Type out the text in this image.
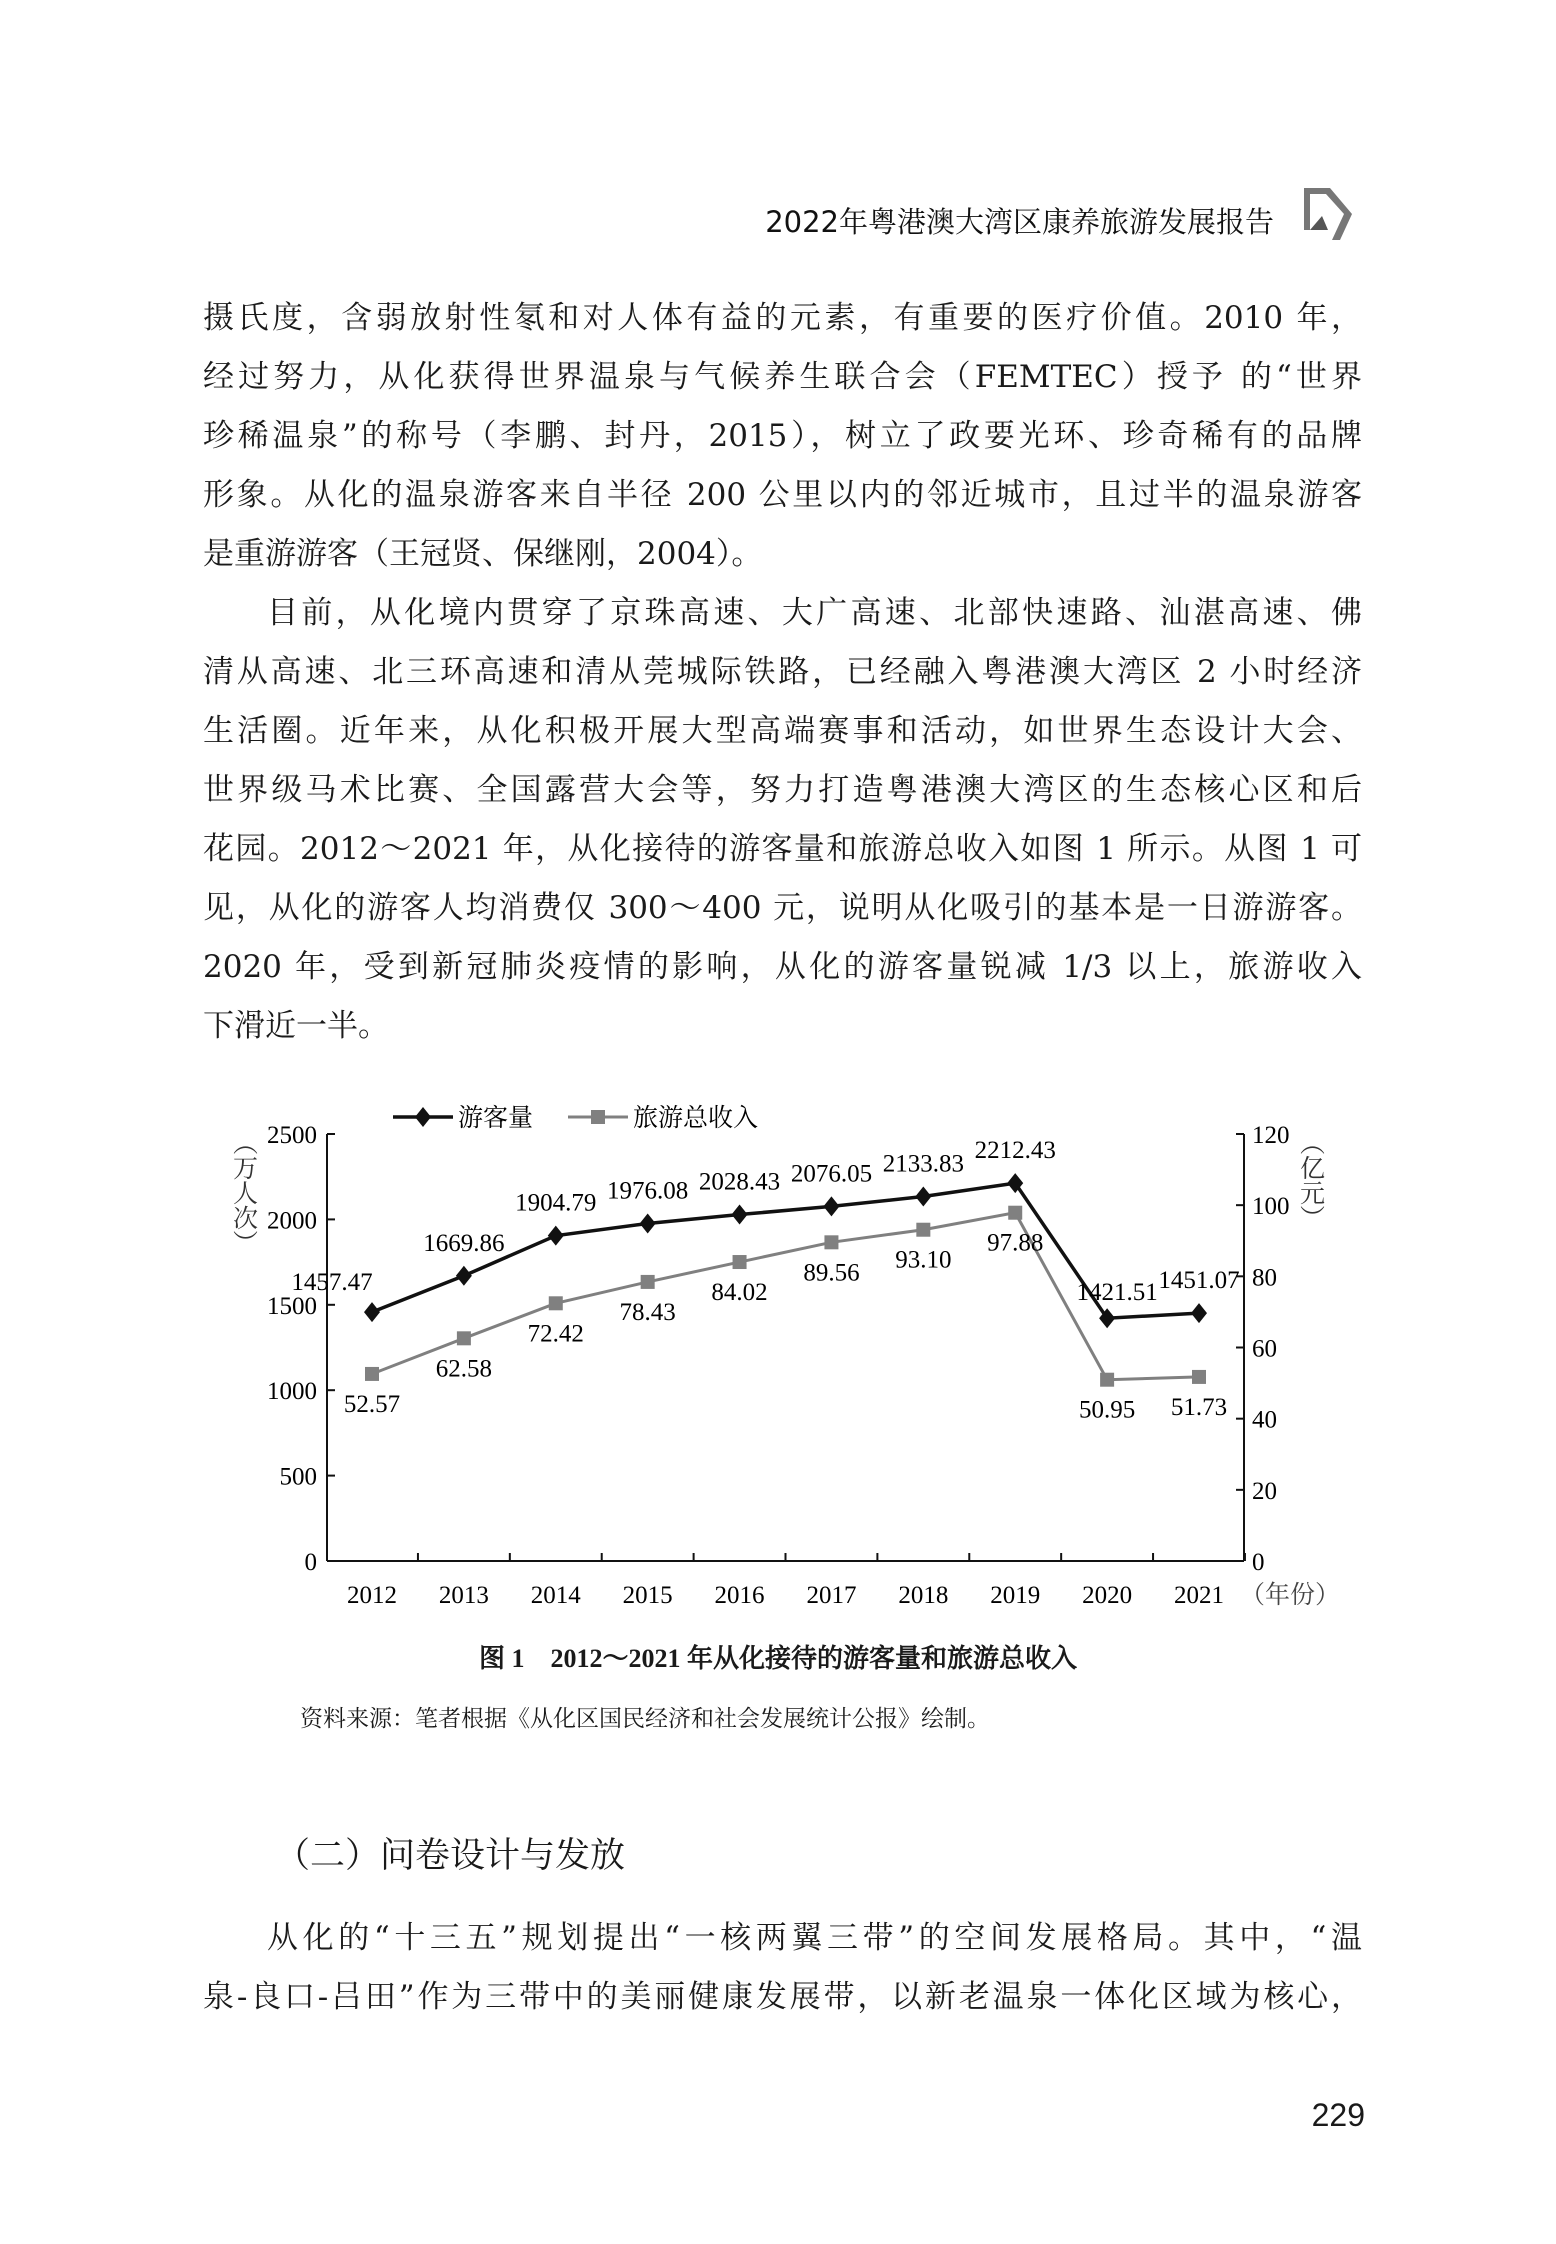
2022年粤港澳大湾区康养旅游发展报告
摄氏度，含弱放射性氡和对人体有益的元素，有重要的医疗价值。2010 年，
经过努力，从化获得世界温泉与气候养生联合会（FEMTEC）授予 的“世界
珍稀温泉”的称号（李鹏、封丹，2015），树立了政要光环、珍奇稀有的品牌
形象。从化的温泉游客来自半径 200 公里以内的邻近城市，且过半的温泉游客
是重游游客（王冠贤、保继刚，2004）。
目前，从化境内贯穿了京珠高速、大广高速、北部快速路、汕湛高速、佛
清从高速、北三环高速和清从莞城际铁路，已经融入粤港澳大湾区 2 小时经济
生活圈。近年来，从化积极开展大型高端赛事和活动，如世界生态设计大会、
世界级马术比赛、全国露营大会等，努力打造粤港澳大湾区的生态核心区和后
花园。2012～2021 年，从化接待的游客量和旅游总收入如图 1 所示。从图 1 可
见，从化的游客人均消费仅 300～400 元，说明从化吸引的基本是一日游游客。
2020 年，受到新冠肺炎疫情的影响，从化的游客量锐减 1/3 以上，旅游收入
下滑近一半。
从化的“十三五”规划提出“一核两翼三带”的空间发展格局。其中，“温
泉-良口-吕田”作为三带中的美丽健康发展带，以新老温泉一体化区域为核心，
0
500
1000
1500
2000
2500
0
20
40
60
80
100
120
2012 2013 2014 2015 2016 2017 2018 2019 2020 2021 （年份）
（万人次）	（亿元）
1457.47
1669.86
1904.79 1976.08 2028.43 2076.05 2133.83 2212.43
1421.51 1451.07
52.57
62.58
72.42
78.43
84.02
89.56 93.10
97.88
50.95 51.73
游客量	旅游总收入
图 1　2012～2021 年从化接待的游客量和旅游总收入
资料来源：笔者根据《从化区国民经济和社会发展统计公报》绘制。
（二）问卷设计与发放
229
